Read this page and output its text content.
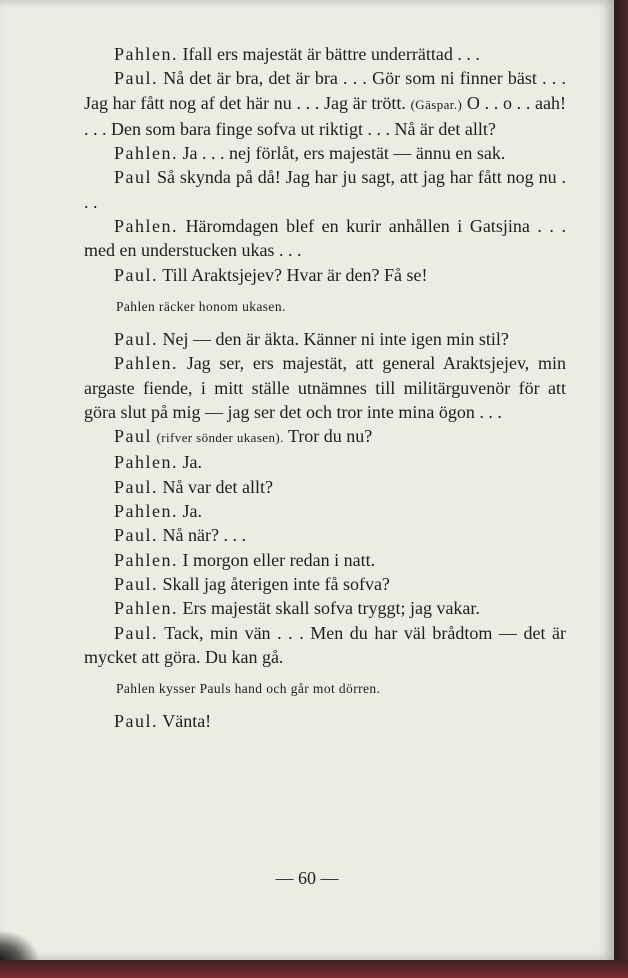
Pahlen. Ifall ers majestät är bättre underrättad . . .

Paul. Nå det är bra, det är bra . . . Gör som ni finner bäst . . . Jag har fått nog af det här nu . . . Jag är trött. (Gäspar.) O . . o . . aah! . . . Den som bara finge sofva ut riktigt . . . Nå är det allt?

Pahlen. Ja . . . nej förlåt, ers majestät — ännu en sak.

Paul Så skynda på då! Jag har ju sagt, att jag har fått nog nu . . .

Pahlen. Häromdagen blef en kurir anhållen i Gatsjina . . . med en understucken ukas . . .

Paul. Till Araktsjejev? Hvar är den? Få se!

Pahlen räcker honom ukasen.

Paul. Nej — den är äkta. Känner ni inte igen min stil?

Pahlen. Jag ser, ers majestät, att general Araktsjejev, min argaste fiende, i mitt ställe utnämnes till militärguvenör för att göra slut på mig — jag ser det och tror inte mina ögon . . .

Paul (rifver sönder ukasen). Tror du nu?

Pahlen. Ja.

Paul. Nå var det allt?

Pahlen. Ja.

Paul. Nå när? . . .

Pahlen. I morgon eller redan i natt.

Paul. Skall jag återigen inte få sofva?

Pahlen. Ers majestät skall sofva tryggt; jag vakar.

Paul. Tack, min vän . . . Men du har väl brådtom — det är mycket att göra. Du kan gå.

Pahlen kysser Pauls hand och går mot dörren.

Paul. Vänta!

— 60 —
